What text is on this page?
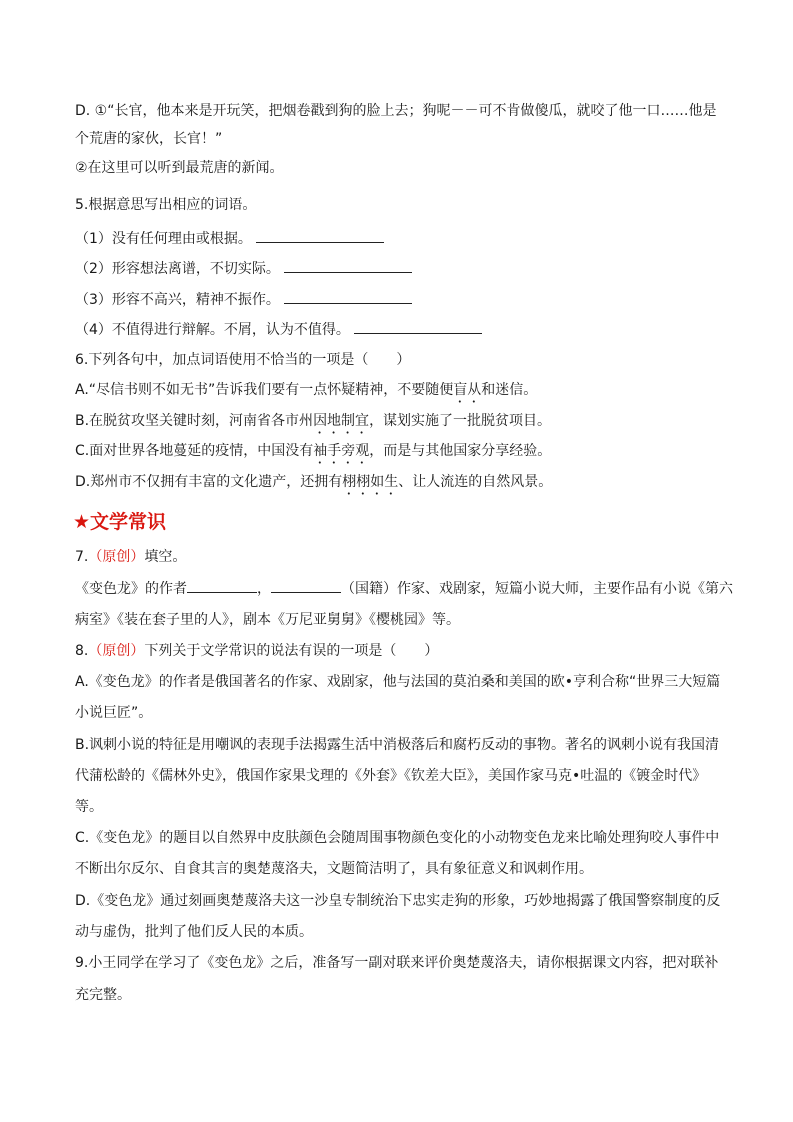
D. ①“长官，他本来是开玩笑，把烟卷戳到狗的脸上去；狗呢－－可不肯做傻瓜，就咬了他一口……他是
个荒唐的家伙，长官！”
②在这里可以听到最荒唐的新闻。
5.根据意思写出相应的词语。
（1）没有任何理由或根据。
（2）形容想法离谱，不切实际。
（3）形容不高兴，精神不振作。
（4）不值得进行辩解。不屑，认为不值得。
6.下列各句中，加点词语使用不恰当的一项是（　　）
A.“尽信书则不如无书”告诉我们要有一点怀疑精神，不要随便盲从和迷信。
B.在脱贫攻坚关键时刻，河南省各市州因地制宜，谋划实施了一批脱贫项目。
C.面对世界各地蔓延的疫情，中国没有袖手旁观，而是与其他国家分享经验。
D.郑州市不仅拥有丰富的文化遗产，还拥有栩栩如生、让人流连的自然风景。
★文学常识
7.（原创）填空。
《变色龙》的作者	，	（国籍）作家、戏剧家，短篇小说大师，主要作品有小说《第六
病室》《装在套子里的人》，剧本《万尼亚舅舅》《樱桃园》等。
8.（原创）下列关于文学常识的说法有误的一项是（　　）
A.《变色龙》的作者是俄国著名的作家、戏剧家，他与法国的莫泊桑和美国的欧•亨利合称“世界三大短篇
小说巨匠”。
B.讽刺小说的特征是用嘲讽的表现手法揭露生活中消极落后和腐朽反动的事物。著名的讽刺小说有我国清
代蒲松龄的《儒林外史》，俄国作家果戈理的《外套》《钦差大臣》，美国作家马克•吐温的《镀金时代》
等。
C.《变色龙》的题目以自然界中皮肤颜色会随周围事物颜色变化的小动物变色龙来比喻处理狗咬人事件中
不断出尔反尔、自食其言的奥楚蔑洛夫，文题简洁明了，具有象征意义和讽刺作用。
D.《变色龙》通过刻画奥楚蔑洛夫这一沙皇专制统治下忠实走狗的形象，巧妙地揭露了俄国警察制度的反
动与虚伪，批判了他们反人民的本质。
9.小王同学在学习了《变色龙》之后，准备写一副对联来评价奥楚蔑洛夫，请你根据课文内容，把对联补
充完整。
